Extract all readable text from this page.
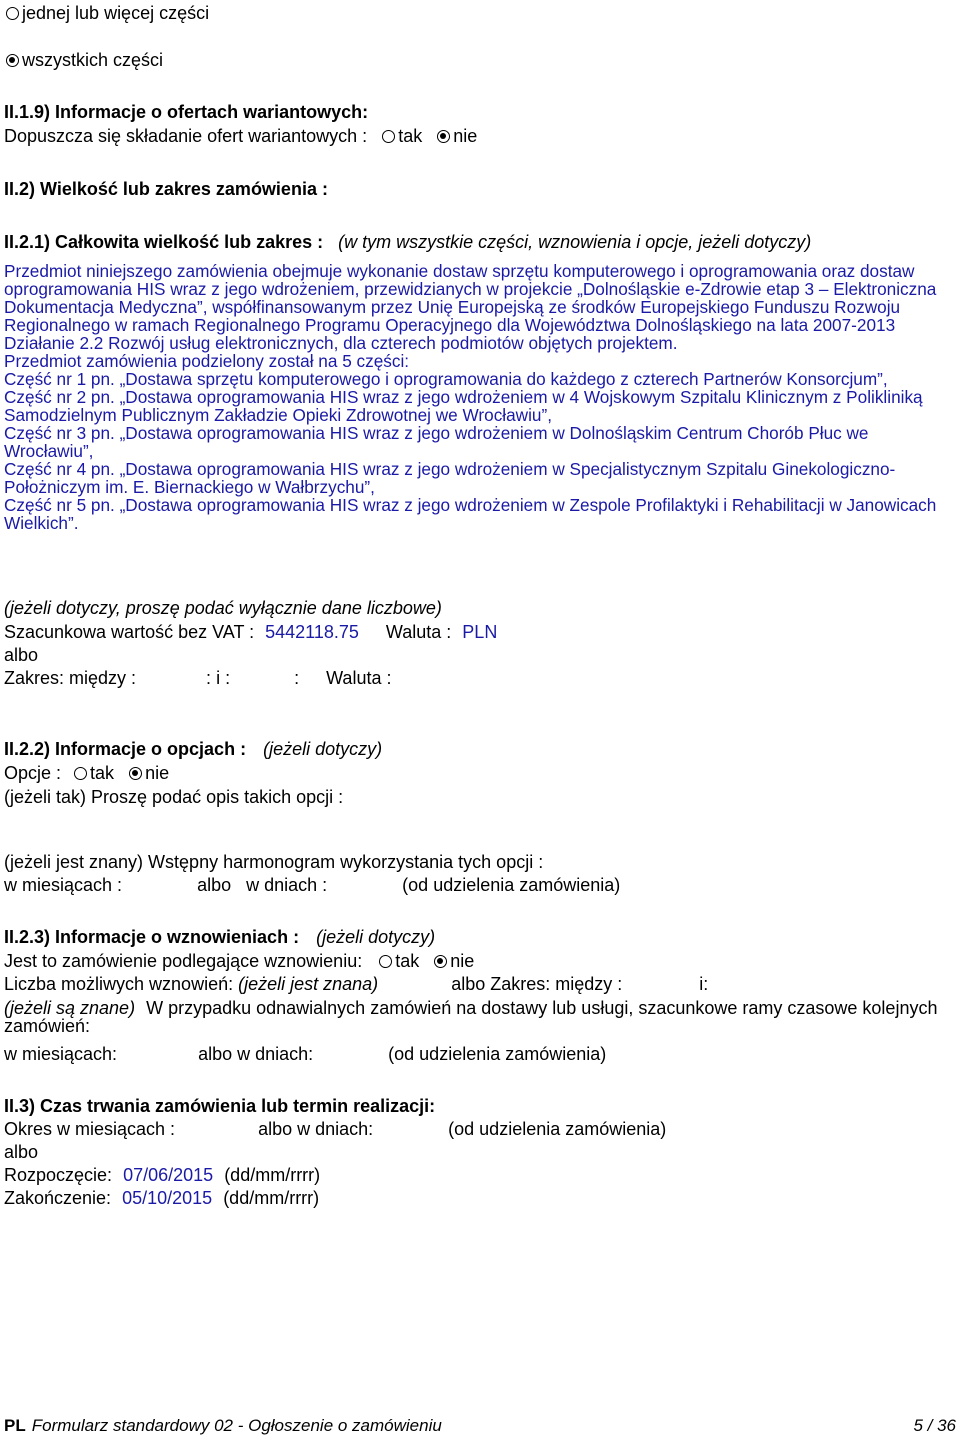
jednej lub więcej części
wszystkich części
II.1.9) Informacje o ofertach wariantowych:
Dopuszcza się składanie ofert wariantowych : tak nie
II.2) Wielkość lub zakres zamówienia :
II.2.1) Całkowita wielkość lub zakres : (w tym wszystkie części, wznowienia i opcje, jeżeli dotyczy)

Przedmiot niniejszego zamówienia obejmuje wykonanie dostaw sprzętu komputerowego i oprogramowania oraz dostaw oprogramowania HIS wraz z jego wdrożeniem, przewidzianych w projekcie „Dolnośląskie e-Zdrowie etap 3 – Elektroniczna Dokumentacja Medyczna”, współfinansowanym przez Unię Europejską ze środków Europejskiego Funduszu Rozwoju Regionalnego w ramach Regionalnego Programu Operacyjnego dla Województwa Dolnośląskiego na lata 2007-2013 Działanie 2.2 Rozwój usług elektronicznych, dla czterech podmiotów objętych projektem.

Przedmiot zamówienia podzielony został na 5 części:

Część nr 1 pn. „Dostawa sprzętu komputerowego i oprogramowania do każdego z czterech Partnerów Konsorcjum”,

Część nr 2 pn. „Dostawa oprogramowania HIS wraz z jego wdrożeniem w 4 Wojskowym Szpitalu Klinicznym z Polikliniką Samodzielnym Publicznym Zakładzie Opieki Zdrowotnej we Wrocławiu”,

Część nr 3 pn. „Dostawa oprogramowania HIS wraz z jego wdrożeniem w Dolnośląskim Centrum Chorób Płuc we Wrocławiu”,

Część nr 4 pn. „Dostawa oprogramowania HIS wraz z jego wdrożeniem w Specjalistycznym Szpitalu Ginekologiczno-Położniczym im. E. Biernackiego w Wałbrzychu”,

Część nr 5 pn. „Dostawa oprogramowania HIS wraz z jego wdrożeniem w Zespole Profilaktyki i Rehabilitacji w Janowicach Wielkich”.

(jeżeli dotyczy, proszę podać wyłącznie dane liczbowe)
Szacunkowa wartość bez VAT : 5442118.75 Waluta : PLN
albo
Zakres: między :	: i :	: Waluta :
II.2.2) Informacje o opcjach : (jeżeli dotyczy)
Opcje : tak nie
(jeżeli tak) Proszę podać opis takich opcji :
(jeżeli jest znany) Wstępny harmonogram wykorzystania tych opcji :
w miesiącach :	albo w dniach :	(od udzielenia zamówienia)
II.2.3) Informacje o wznowieniach : (jeżeli dotyczy)
Jest to zamówienie podlegające wznowieniu: tak nie
Liczba możliwych wznowień: (jeżeli jest znana)	albo Zakres: między :	i:
(jeżeli są znane) W przypadku odnawialnych zamówień na dostawy lub usługi, szacunkowe ramy czasowe kolejnych zamówień:
w miesiącach:	albo w dniach:	(od udzielenia zamówienia)
II.3) Czas trwania zamówienia lub termin realizacji:
Okres w miesiącach :	albo w dniach:	(od udzielenia zamówienia)
albo
Rozpoczęcie: 07/06/2015 (dd/mm/rrrr)
Zakończenie: 05/10/2015 (dd/mm/rrrr)
PL Formularz standardowy 02 - Ogłoszenie o zamówieniu	5 / 36
